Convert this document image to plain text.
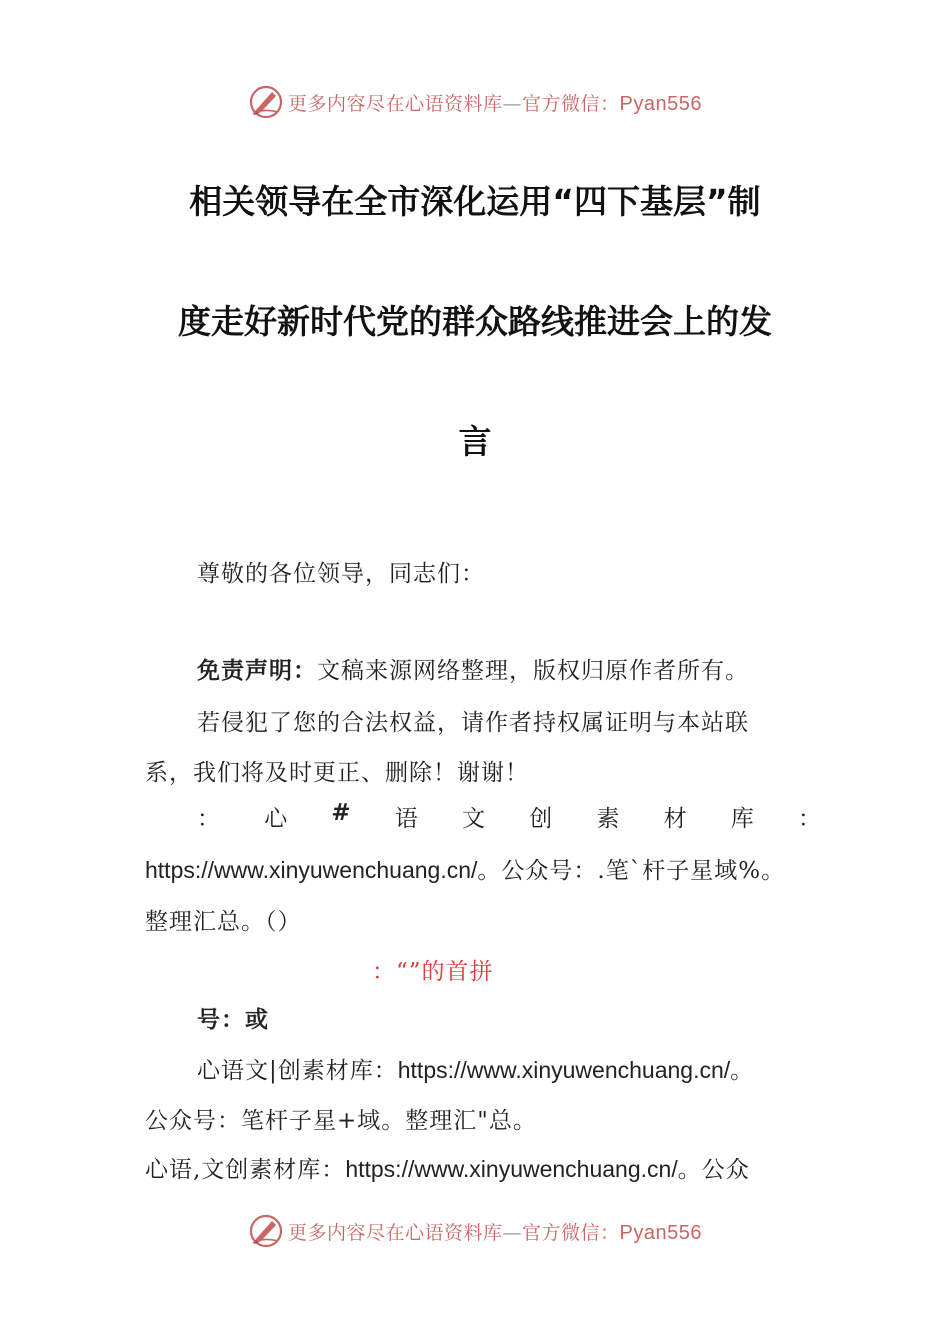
更多内容尽在心语资料库—官方微信：Pyan556
相关领导在全市深化运用“四下基层”制
度走好新时代党的群众路线推进会上的发
言
尊敬的各位领导，同志们：
免责声明：文稿来源网络整理，版权归原作者所有。
若侵犯了您的合法权益，请作者持权属证明与本站联
系，我们将及时更正、删除！谢谢！
： 心 # 语 文 创 素 材 库 ：
https://www.xinyuwenchuang.cn/。公众号：.笔`杆子星域%。
整理汇总。（）
：“”的首拼
号：或
心语文|创素材库：https://www.xinyuwenchuang.cn/。
公众号：笔杆子星+域。整理汇"总。
心语,文创素材库：https://www.xinyuwenchuang.cn/。公众
更多内容尽在心语资料库—官方微信：Pyan556
